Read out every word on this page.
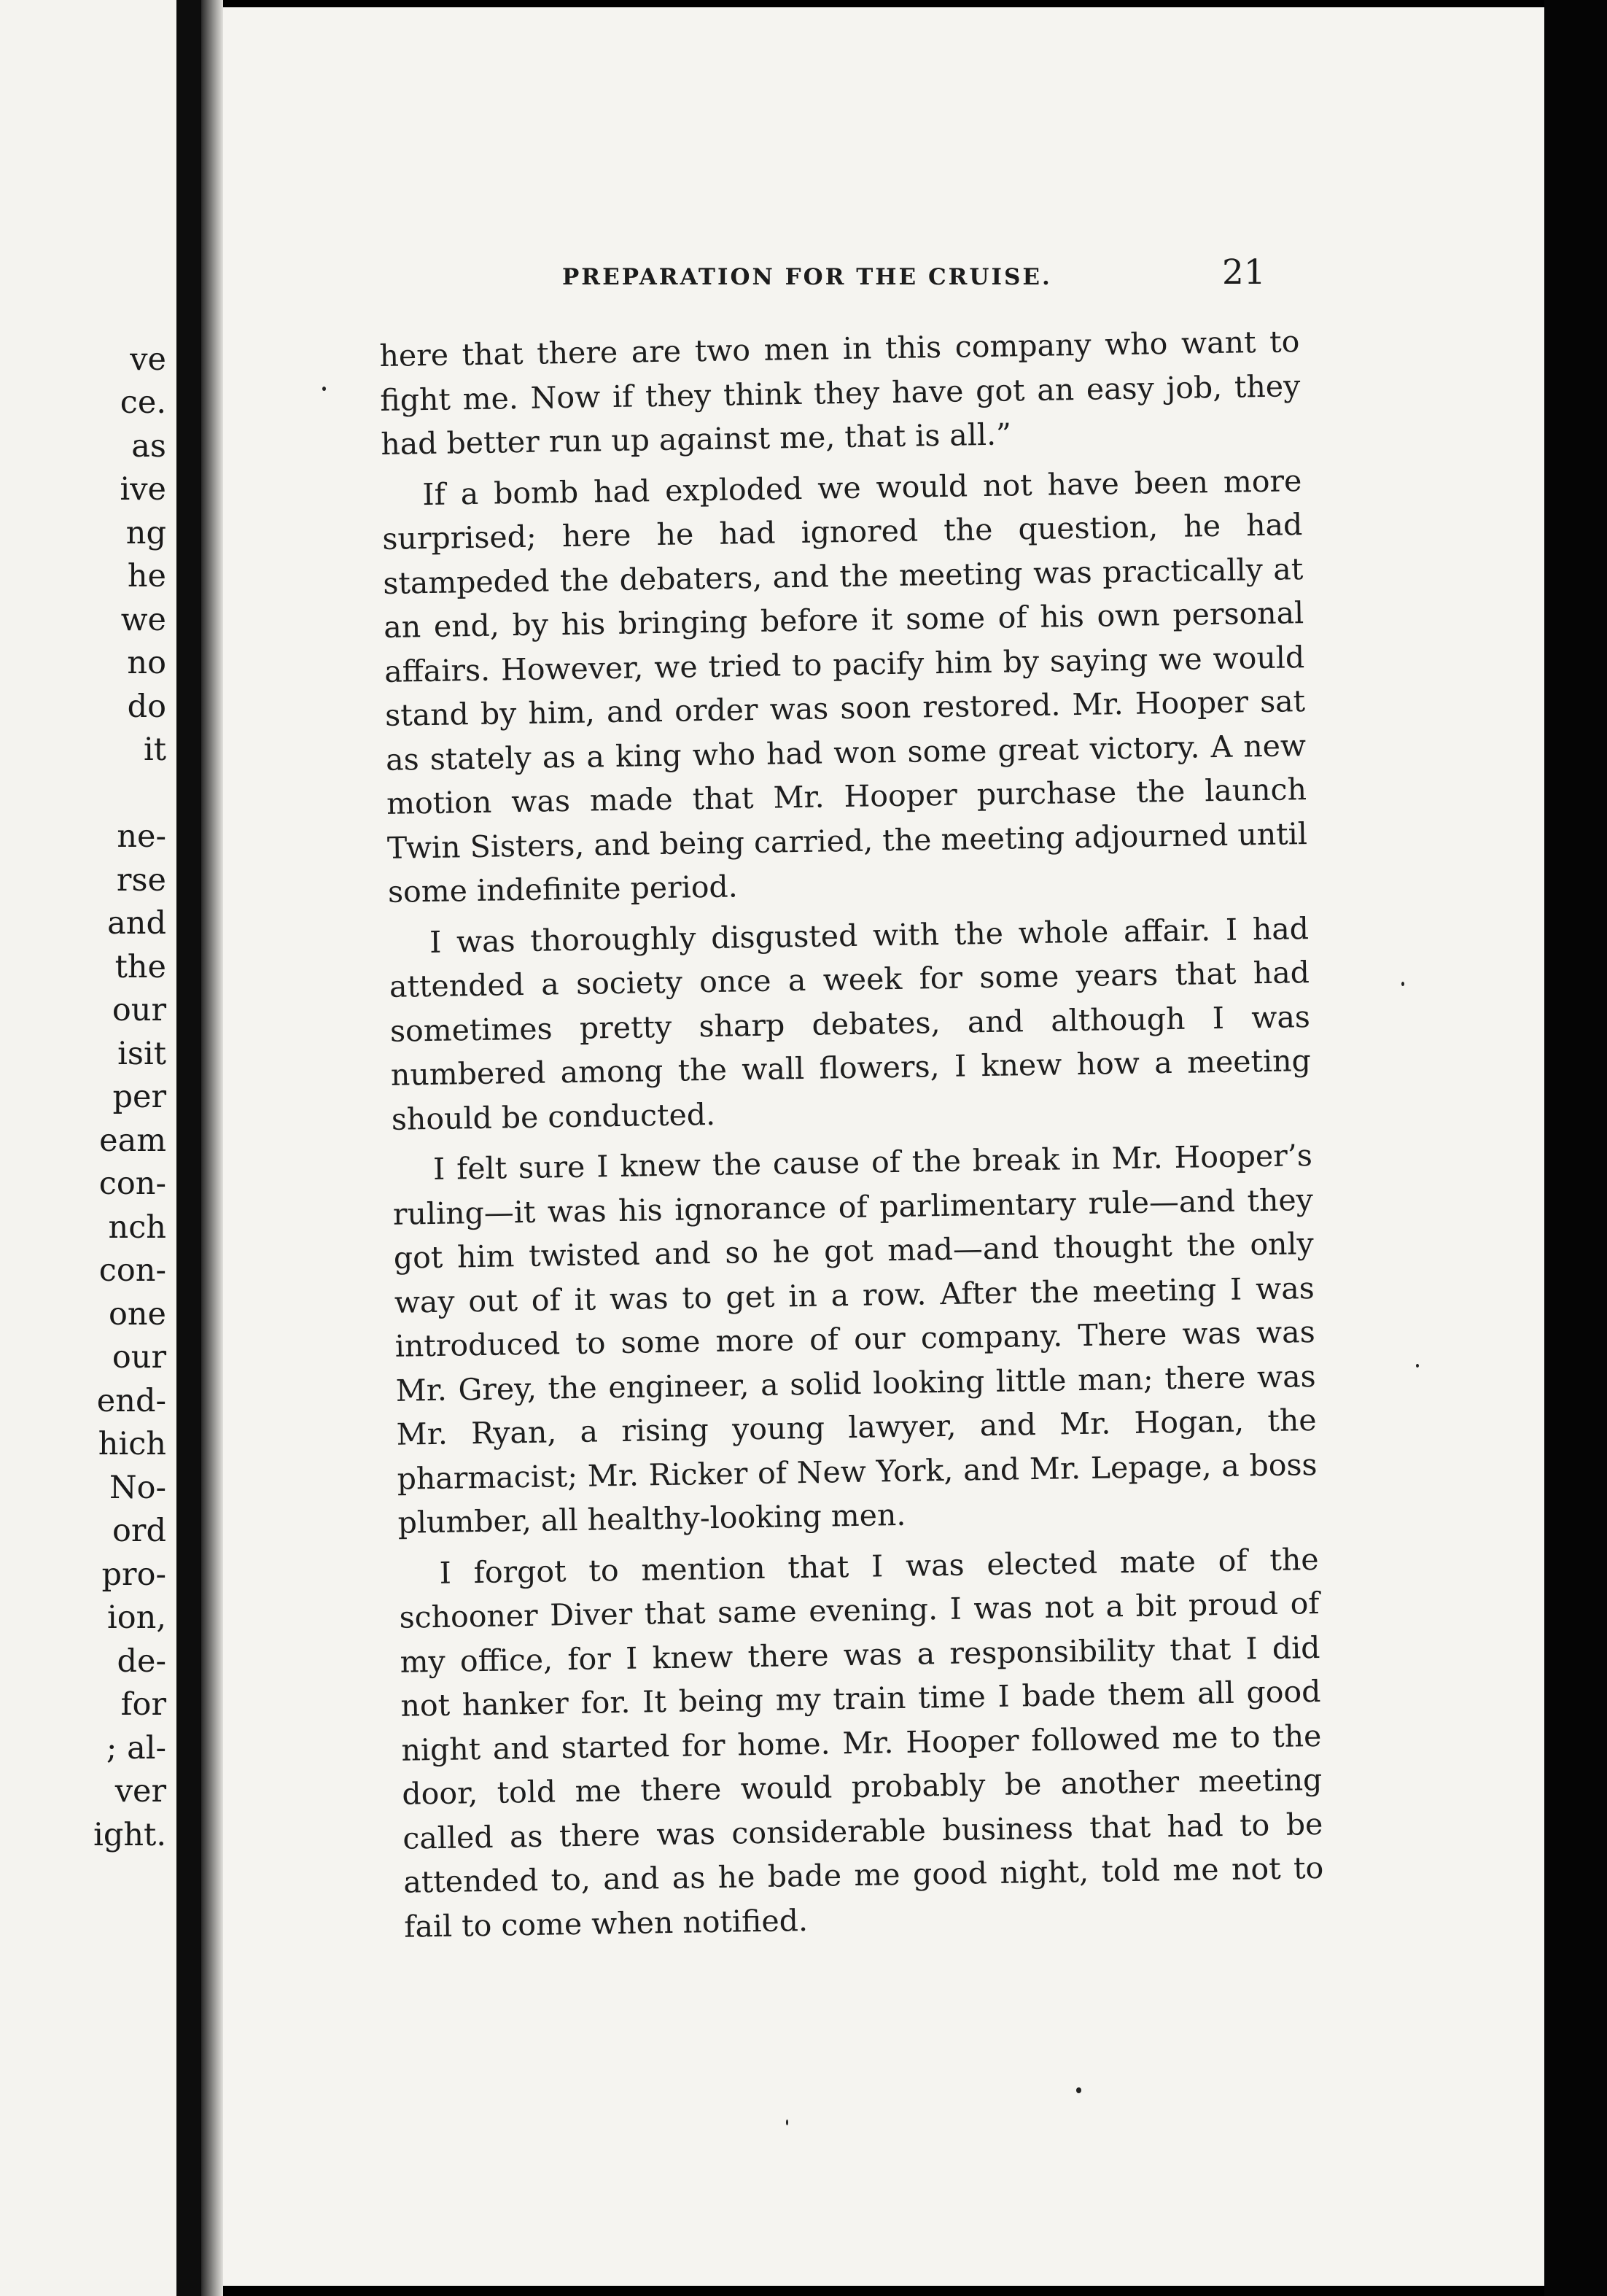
ve
ce.
as
ive
ng
he
we
no
do
it
ne-
rse
and
the
our
isit
per
eam
con-
nch
con-
one
our
end-
hich
No-
ord
pro-
ion,
de-
for
; al-
ver
ight.
PREPARATION FOR THE CRUISE.	21

here that there are two men in this company who want to fight me. Now if they think they have got an easy job, they had better run up against me, that is all.”

If a bomb had exploded we would not have been more surprised; here he had ignored the question, he had stampeded the debaters, and the meeting was practically at an end, by his bringing before it some of his own personal affairs. However, we tried to pacify him by saying we would stand by him, and order was soon restored. Mr. Hooper sat as stately as a king who had won some great victory. A new motion was made that Mr. Hooper purchase the launch Twin Sisters, and being carried, the meeting adjourned until some indefinite period.

I was thoroughly disgusted with the whole affair. I had attended a society once a week for some years that had sometimes pretty sharp debates, and although I was numbered among the wall flowers, I knew how a meeting should be conducted.

I felt sure I knew the cause of the break in Mr. Hooper’s ruling—it was his ignorance of parlimentary rule—and they got him twisted and so he got mad—and thought the only way out of it was to get in a row. After the meeting I was introduced to some more of our company. There was was Mr. Grey, the engineer, a solid looking little man; there was Mr. Ryan, a rising young lawyer, and Mr. Hogan, the pharmacist; Mr. Ricker of New York, and Mr. Lepage, a boss plumber, all healthy-looking men.

I forgot to mention that I was elected mate of the schooner Diver that same evening. I was not a bit proud of my office, for I knew there was a responsibility that I did not hanker for. It being my train time I bade them all good night and started for home. Mr. Hooper followed me to the door, told me there would probably be another meeting called as there was considerable business that had to be attended to, and as he bade me good night, told me not to fail to come when notified.
